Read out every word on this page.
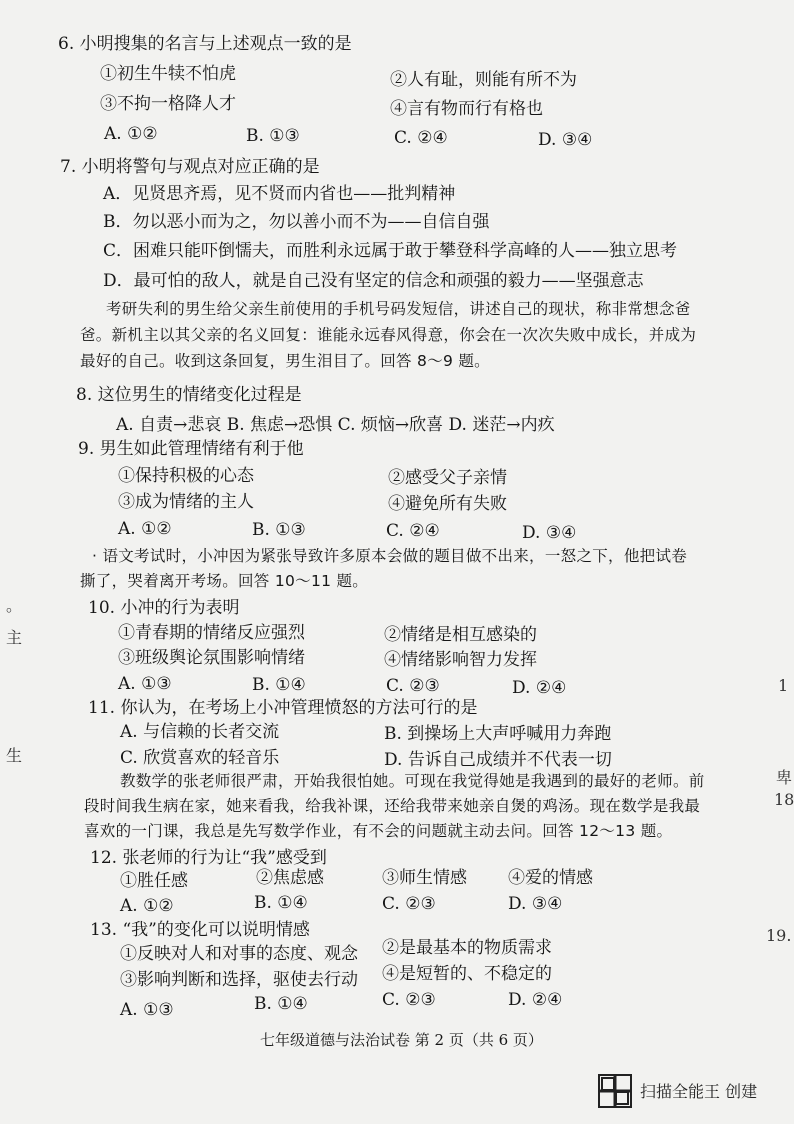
6. 小明搜集的名言与上述观点一致的是
①初生牛犊不怕虎	②人有耻，则能有所不为
③不拘一格降人才	④言有物而行有格也
A. ①②	B. ①③	C. ②④	D. ③④
7. 小明将警句与观点对应正确的是
A．见贤思齐焉，见不贤而内省也——批判精神
B．勿以恶小而为之，勿以善小而不为——自信自强
C．困难只能吓倒懦夫，而胜利永远属于敢于攀登科学高峰的人——独立思考
D．最可怕的敌人，就是自己没有坚定的信念和顽强的毅力——坚强意志
考研失利的男生给父亲生前使用的手机号码发短信，讲述自己的现状，称非常想念爸
爸。新机主以其父亲的名义回复：谁能永远春风得意，你会在一次次失败中成长，并成为
最好的自己。收到这条回复，男生泪目了。回答 8～9 题。
8. 这位男生的情绪变化过程是
A. 自责→悲哀 B. 焦虑→恐惧 C. 烦恼→欣喜 D. 迷茫→内疚
9. 男生如此管理情绪有利于他
①保持积极的心态	②感受父子亲情
③成为情绪的主人	④避免所有失败
A. ①②	B. ①③	C. ②④	D. ③④
· 语文考试时，小冲因为紧张导致许多原本会做的题目做不出来，一怒之下，他把试卷
撕了，哭着离开考场。回答 10～11 题。
10. 小冲的行为表明
①青春期的情绪反应强烈	②情绪是相互感染的
③班级舆论氛围影响情绪	④情绪影响智力发挥
A. ①③	B. ①④	C. ②③	D. ②④
11. 你认为，在考场上小冲管理愤怒的方法可行的是
A. 与信赖的长者交流	B. 到操场上大声呼喊用力奔跑
C. 欣赏喜欢的轻音乐	D. 告诉自己成绩并不代表一切
教数学的张老师很严肃，开始我很怕她。可现在我觉得她是我遇到的最好的老师。前
段时间我生病在家，她来看我，给我补课，还给我带来她亲自煲的鸡汤。现在数学是我最
喜欢的一门课，我总是先写数学作业，有不会的问题就主动去问。回答 12～13 题。
12. 张老师的行为让“我”感受到
①胜任感	②焦虑感	③师生情感 ④爱的情感
A. ①②	B. ①④	C. ②③	D. ③④
13. “我”的变化可以说明情感
①反映对人和对事的态度、观念 ②是最基本的物质需求
③影响判断和选择，驱使去行动 ④是短暂的、不稳定的
A. ①③	B. ①④	C. ②③	D. ②④
七年级道德与法治试卷 第 2 页（共 6 页）
。
主
生
1
卑
18
19.
扫描全能王 创建
